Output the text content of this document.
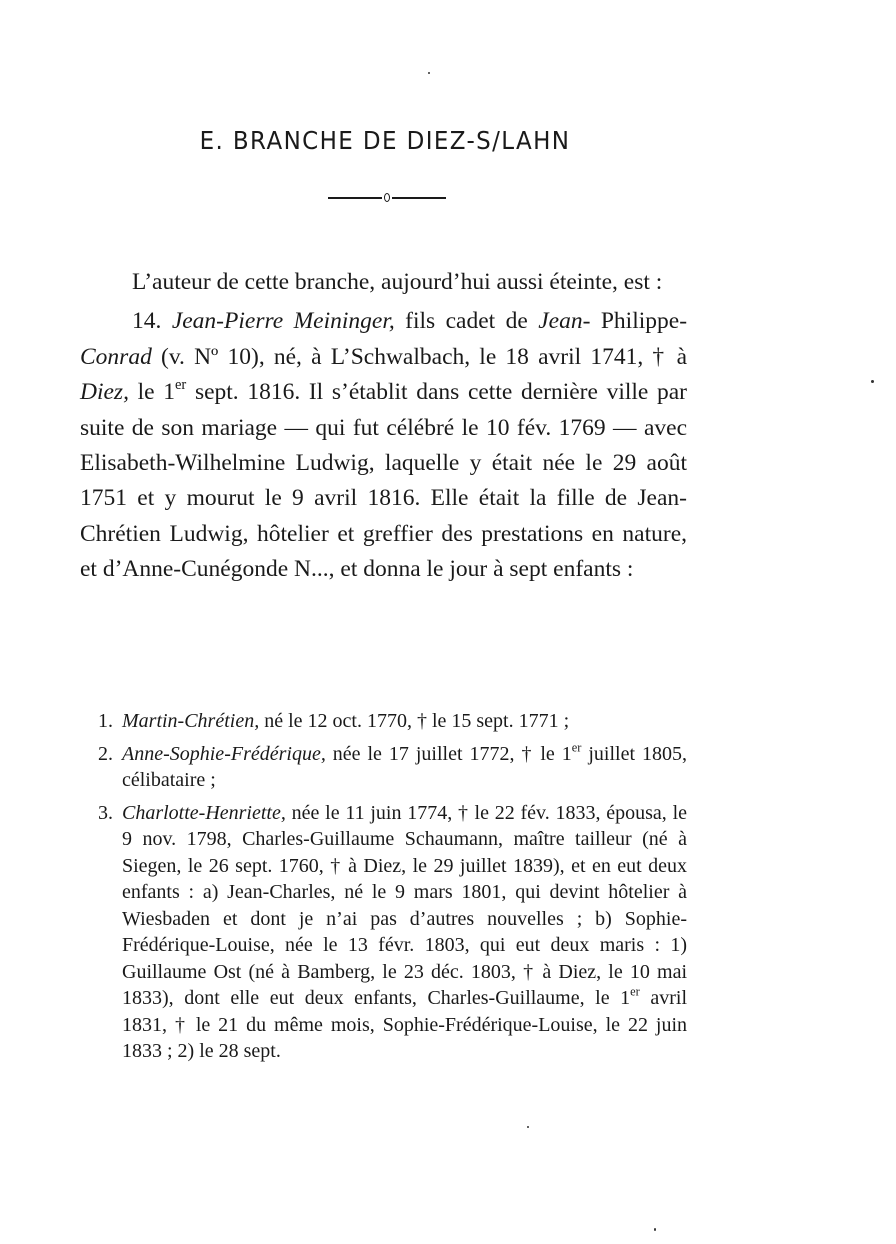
E. BRANCHE DE DIEZ-S/LAHN

L’auteur de cette branche, aujourd’hui aussi éteinte, est :

14. Jean-Pierre Meininger, fils cadet de Jean- Philippe-Conrad (v. Nº 10), né, à L’Schwalbach, le 18 avril 1741, † à Diez, le 1er sept. 1816. Il s’établit dans cette dernière ville par suite de son mariage — qui fut célébré le 10 fév. 1769 — avec Elisabeth-Wilhelmine Ludwig, laquelle y était née le 29 août 1751 et y mourut le 9 avril 1816. Elle était la fille de Jean-Chrétien Ludwig, hôtelier et greffier des prestations en nature, et d’Anne-Cunégonde N..., et donna le jour à sept enfants :

1. Martin-Chrétien, né le 12 oct. 1770, † le 15 sept. 1771 ;
2. Anne-Sophie-Frédérique, née le 17 juillet 1772, † le 1er juillet 1805, célibataire ;
3. Charlotte-Henriette, née le 11 juin 1774, † le 22 fév. 1833, épousa, le 9 nov. 1798, Charles-Guillaume Schaumann, maître tailleur (né à Siegen, le 26 sept. 1760, † à Diez, le 29 juillet 1839), et en eut deux enfants : a) Jean-Charles, né le 9 mars 1801, qui devint hôtelier à Wiesbaden et dont je n’ai pas d’autres nouvelles ; b) Sophie-Frédérique-Louise, née le 13 févr. 1803, qui eut deux maris : 1) Guillaume Ost (né à Bamberg, le 23 déc. 1803, † à Diez, le 10 mai 1833), dont elle eut deux enfants, Charles-Guillaume, le 1er avril 1831, † le 21 du même mois, Sophie-Frédérique-Louise, le 22 juin 1833 ; 2) le 28 sept.
